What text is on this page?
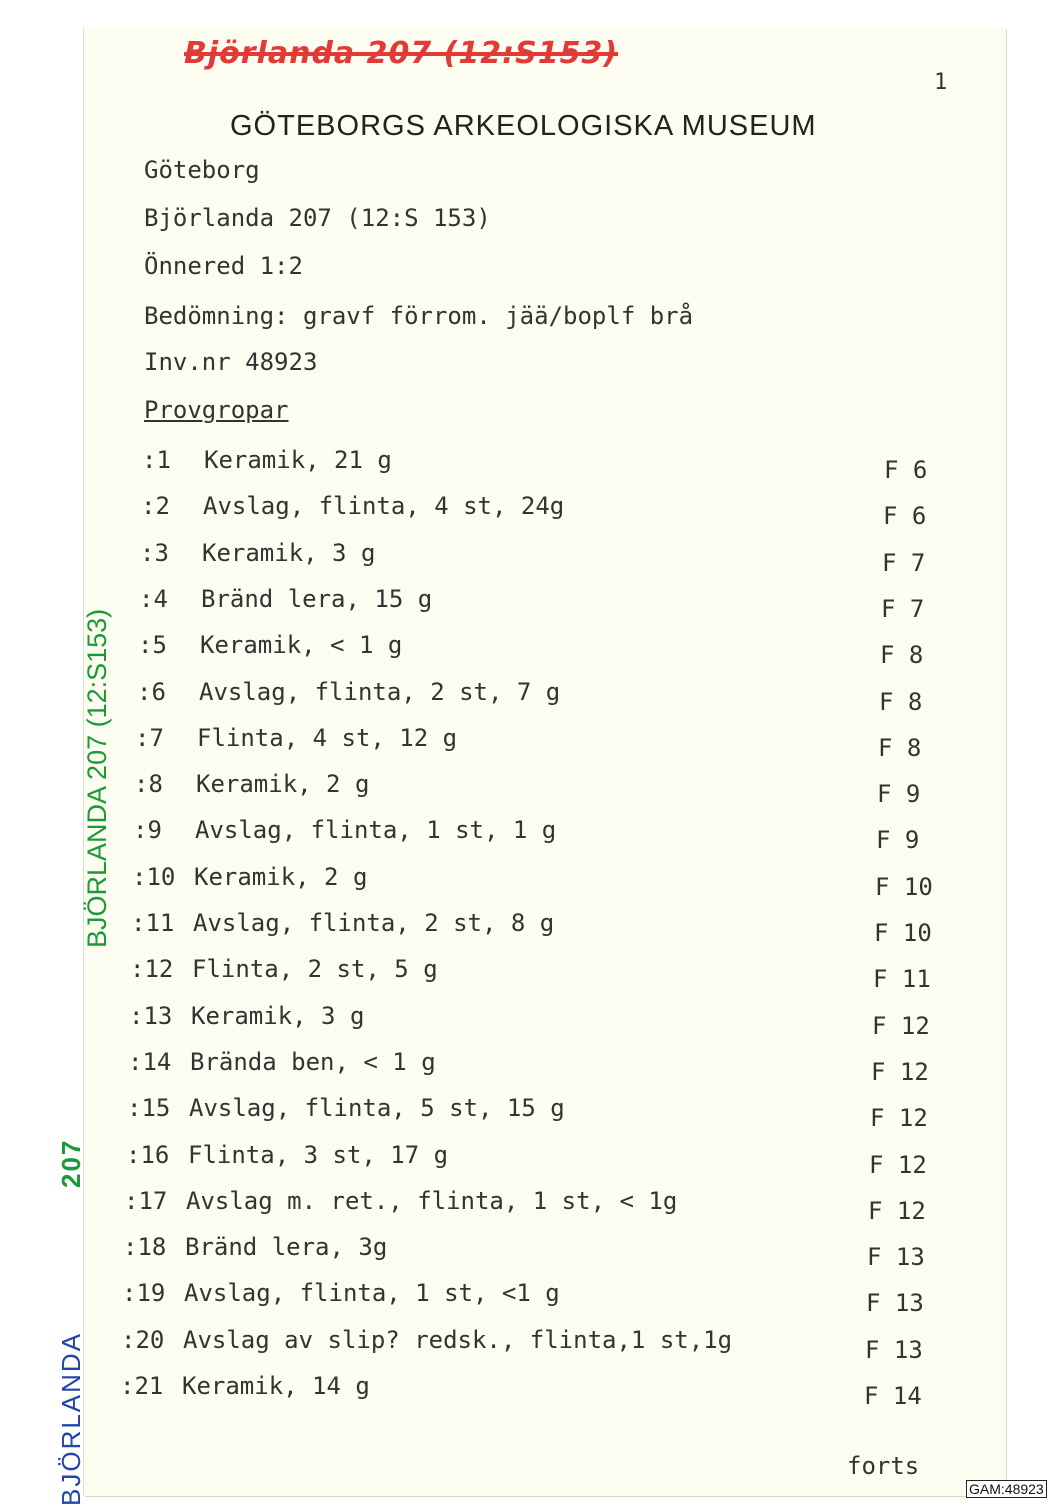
Björlanda 207 (12:S153)
1
GÖTEBORGS ARKEOLOGISKA MUSEUM
Göteborg
Björlanda 207 (12:S 153)
Önnered 1:2
Bedömning: gravf förrom. jää/boplf brå
Inv.nr 48923
Provgropar
:1 Keramik, 21 g	F 6
:2 Avslag, flinta, 4 st, 24g	F 6
:3 Keramik, 3 g	F 7
:4 Bränd lera, 15 g	F 7
:5 Keramik, < 1 g	F 8
:6 Avslag, flinta, 2 st, 7 g	F 8
:7 Flinta, 4 st, 12 g	F 8
:8 Keramik, 2 g	F 9
:9 Avslag, flinta, 1 st, 1 g	F 9
:10 Keramik, 2 g	F 10
:11 Avslag, flinta, 2 st, 8 g	F 10
:12 Flinta, 2 st, 5 g	F 11
:13 Keramik, 3 g	F 12
:14 Brända ben, < 1 g	F 12
:15 Avslag, flinta, 5 st, 15 g	F 12
:16 Flinta, 3 st, 17 g	F 12
:17 Avslag m. ret., flinta, 1 st, < 1g	F 12
:18 Bränd lera, 3g	F 13
:19 Avslag, flinta, 1 st, <1 g	F 13
:20 Avslag av slip? redsk., flinta,1 st,1g	F 13
:21 Keramik, 14 g	F 14
forts
BJÖRLANDA 207 (12:S153)
BJÖRLANDA
207
GAM:48923
